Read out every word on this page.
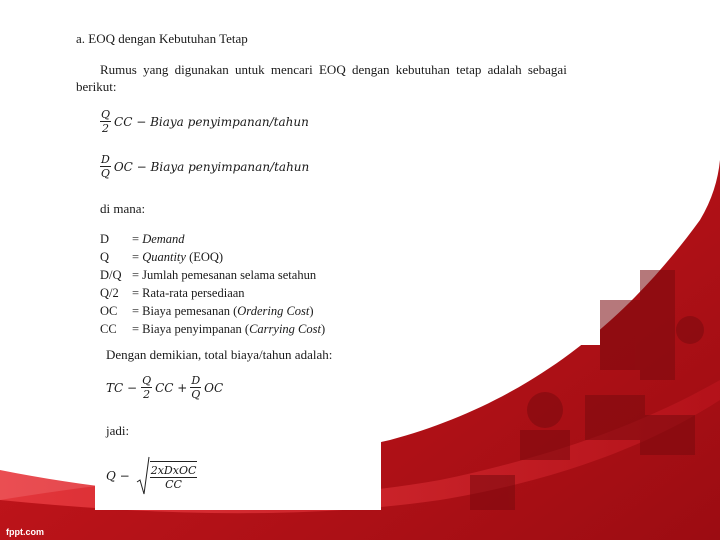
a. EOQ dengan Kebutuhan Tetap
Rumus yang digunakan untuk mencari EOQ dengan kebutuhan tetap adalah sebagai
berikut:
$\frac{Q}{2}$ CC − Biaya penyimpanan/tahun
$\frac{D}{Q}$ OC − Biaya penyimpanan/tahun
di mana:
D	= Demand
Q	= Quantity (EOQ)
D/Q = Jumlah pemesanan selama setahun
Q/2	= Rata-rata persediaan
OC	= Biaya pemesanan (Ordering Cost)
CC	= Biaya penyimpanan (Carrying Cost)
Dengan demikian, total biaya/tahun adalah:
TC − $\frac{Q}{2}$ CC + $\frac{D}{Q}$ OC
jadi:
$Q - \frac{\text{2xDxOC}}{CC}$
fppt.com
